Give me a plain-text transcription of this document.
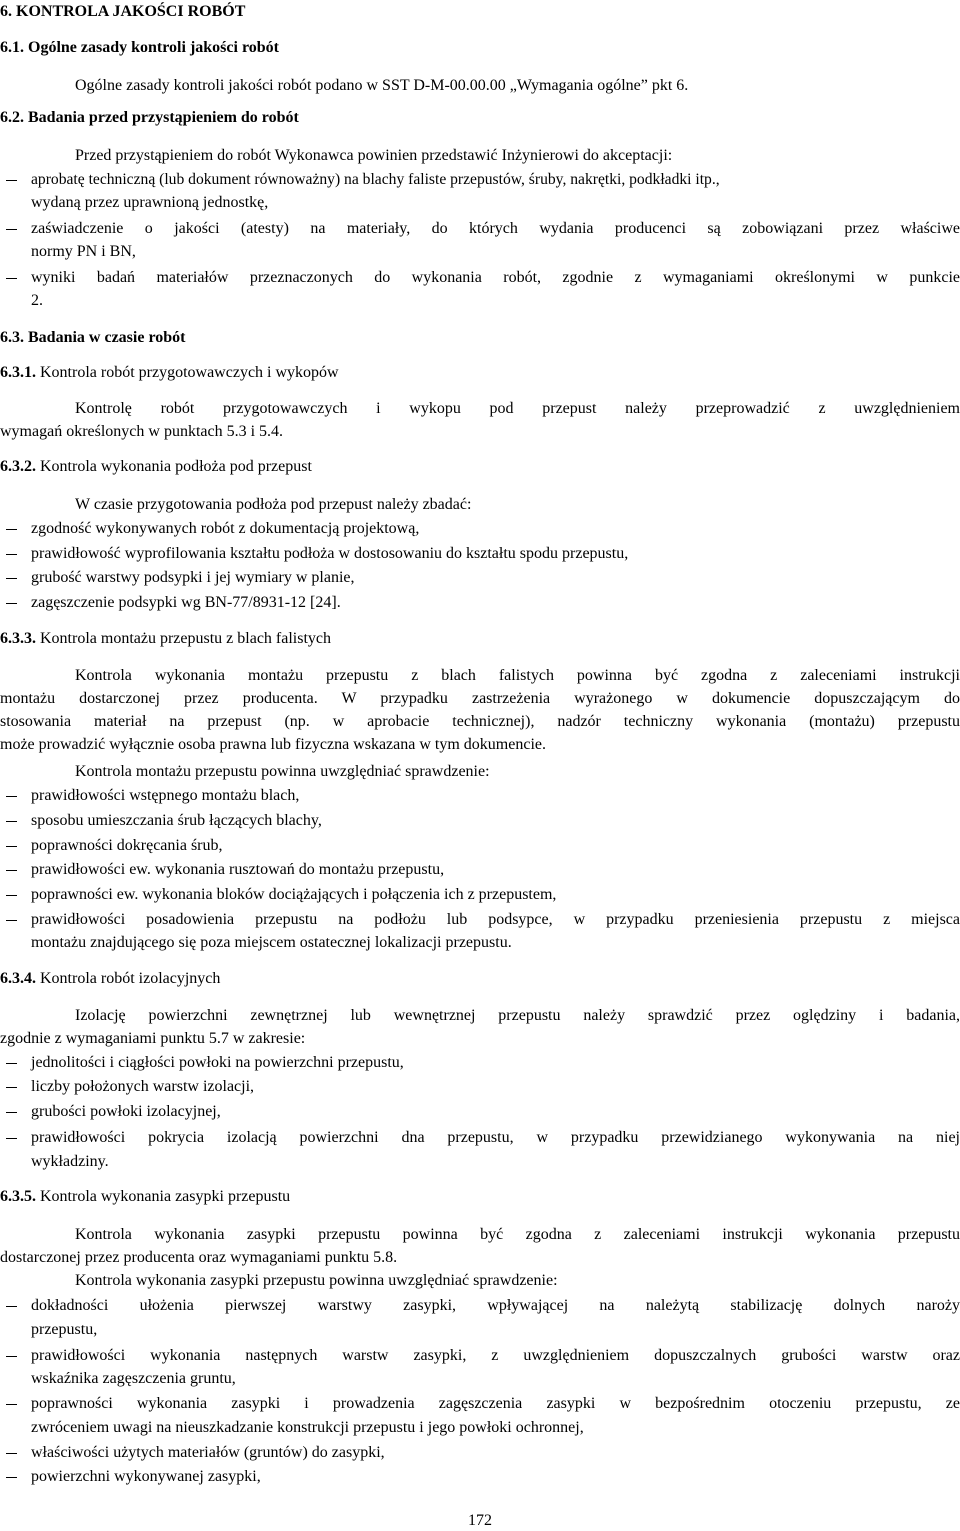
172
6. KONTROLA JAKOŚCI ROBÓT
6.1. Ogólne zasady kontroli jakości robót
Ogólne zasady kontroli jakości robót podano w SST D-M-00.00.00 „Wymagania ogólne” pkt 6.
6.2. Badania przed przystąpieniem do robót
Przed przystąpieniem do robót Wykonawca powinien przedstawić Inżynierowi do akceptacji:
aprobatę techniczną (lub dokument równoważny) na blachy faliste przepustów, śruby, nakrętki, podkładki itp.,
wydaną przez uprawnioną jednostkę,
zaświadczenie o jakości (atesty) na materiały, do których wydania producenci są zobowiązani przez właściwe
normy PN i BN,
wyniki badań materiałów przeznaczonych do wykonania robót, zgodnie z wymaganiami określonymi w punkcie
2.
6.3. Badania w czasie robót
6.3.1. Kontrola robót przygotowawczych i wykopów
Kontrolę robót przygotowawczych i wykopu pod przepust należy przeprowadzić z uwzględnieniem
wymagań określonych w punktach 5.3 i 5.4.
6.3.2. Kontrola wykonania podłoża pod przepust
W czasie przygotowania podłoża pod przepust należy zbadać:
zgodność wykonywanych robót z dokumentacją projektową,
prawidłowość wyprofilowania kształtu podłoża w dostosowaniu do kształtu spodu przepustu,
grubość warstwy podsypki i jej wymiary w planie,
zagęszczenie podsypki wg BN-77/8931-12 [24].
6.3.3. Kontrola montażu przepustu z blach falistych
Kontrola wykonania montażu przepustu z blach falistych powinna być zgodna z zaleceniami instrukcji
montażu dostarczonej przez producenta. W przypadku zastrzeżenia wyrażonego w dokumencie dopuszczającym do
stosowania materiał na przepust (np. w aprobacie technicznej), nadzór techniczny wykonania (montażu) przepustu
może prowadzić wyłącznie osoba prawna lub fizyczna wskazana w tym dokumencie.
Kontrola montażu przepustu powinna uwzględniać sprawdzenie:
prawidłowości wstępnego montażu blach,
sposobu umieszczania śrub łączących blachy,
poprawności dokręcania śrub,
prawidłowości ew. wykonania rusztowań do montażu przepustu,
poprawności ew. wykonania bloków dociążających i połączenia ich z przepustem,
prawidłowości posadowienia przepustu na podłożu lub podsypce, w przypadku przeniesienia przepustu z miejsca
montażu znajdującego się poza miejscem ostatecznej lokalizacji przepustu.
6.3.4. Kontrola robót izolacyjnych
Izolację powierzchni zewnętrznej lub wewnętrznej przepustu należy sprawdzić przez oględziny i badania,
zgodnie z wymaganiami punktu 5.7 w zakresie:
jednolitości i ciągłości powłoki na powierzchni przepustu,
liczby położonych warstw izolacji,
grubości powłoki izolacyjnej,
prawidłowości pokrycia izolacją powierzchni dna przepustu, w przypadku przewidzianego wykonywania na niej
wykładziny.
6.3.5. Kontrola wykonania zasypki przepustu
Kontrola wykonania zasypki przepustu powinna być zgodna z zaleceniami instrukcji wykonania przepustu
dostarczonej przez producenta oraz wymaganiami punktu 5.8.
Kontrola wykonania zasypki przepustu powinna uwzględniać sprawdzenie:
dokładności ułożenia pierwszej warstwy zasypki, wpływającej na należytą stabilizację dolnych naroży
przepustu,
prawidłowości wykonania następnych warstw zasypki, z uwzględnieniem dopuszczalnych grubości warstw oraz
wskaźnika zagęszczenia gruntu,
poprawności wykonania zasypki i prowadzenia zagęszczenia zasypki w bezpośrednim otoczeniu przepustu, ze
zwróceniem uwagi na nieuszkadzanie konstrukcji przepustu i jego powłoki ochronnej,
właściwości użytych materiałów (gruntów) do zasypki,
powierzchni wykonywanej zasypki,
